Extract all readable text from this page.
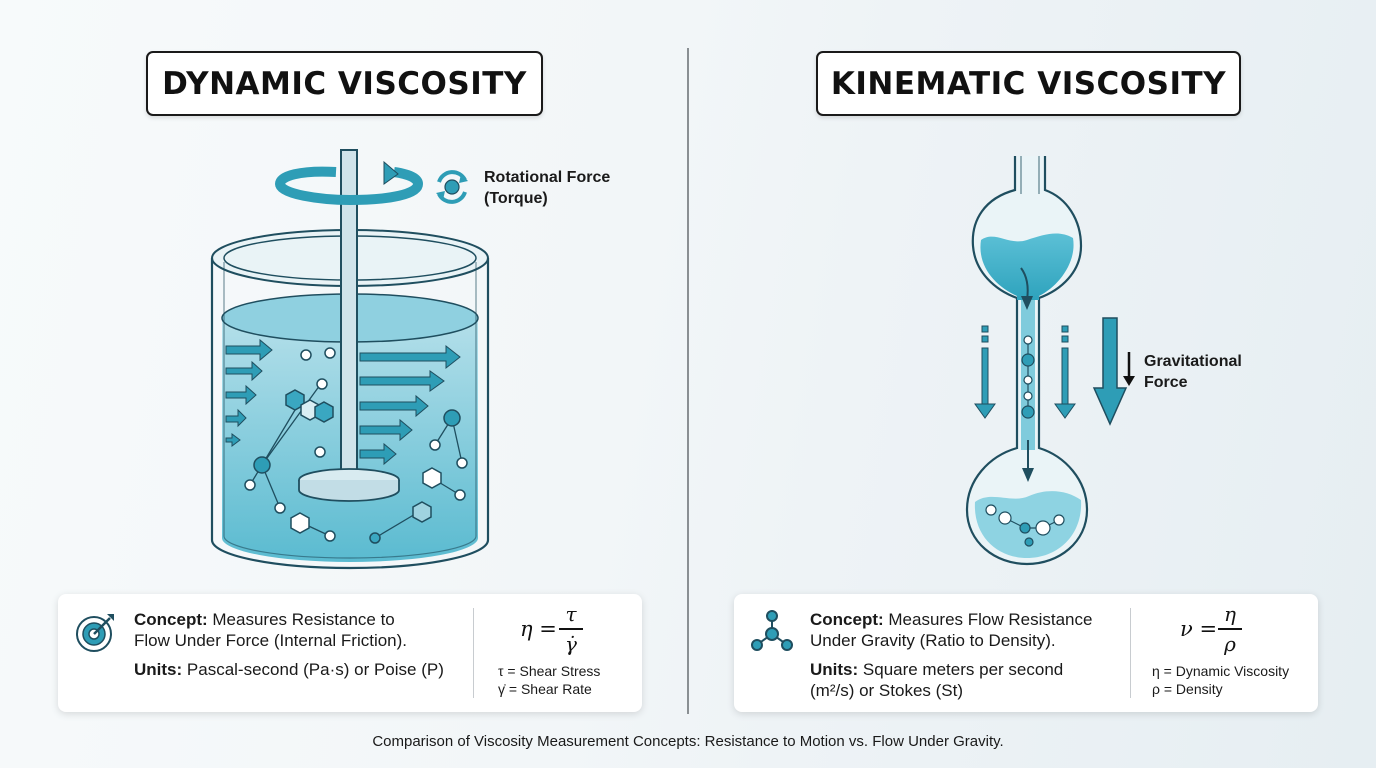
DYNAMIC VISCOSITY	KINEMATIC VISCOSITY
Rotational Force
(Torque)
Gravitational
Force
Concept: Measures Resistance to
Flow Under Force (Internal Friction).
Units: Pascal-second (Pa·s) or Poise (P)
η =
τ
γ̇
τ = Shear Stress
γ̇ = Shear Rate
Concept: Measures Flow Resistance
Under Gravity (Ratio to Density).
Units: Square meters per second
(m²/s) or Stokes (St)
ν =
η
ρ
η = Dynamic Viscosity
ρ = Density
Comparison of Viscosity Measurement Concepts: Resistance to Motion vs. Flow Under Gravity.
